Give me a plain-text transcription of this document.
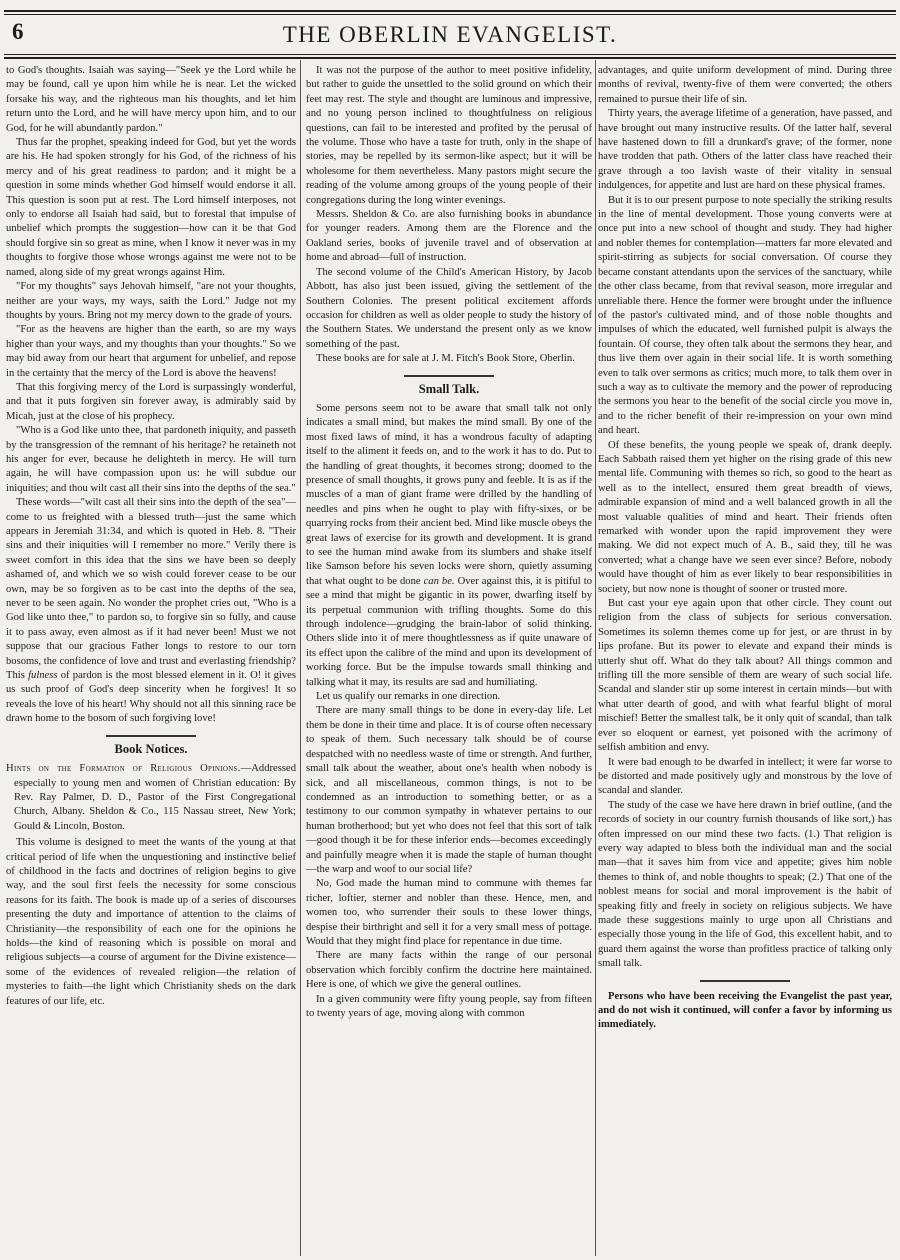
6	THE OBERLIN EVANGELIST.

to God's thoughts. Isaiah was saying—"Seek ye the Lord while he may be found, call ye upon him while he is near. Let the wicked forsake his way, and the righteous man his thoughts, and let him return unto the Lord, and he will have mercy upon him, and to our God, for he will abundantly pardon."

Thus far the prophet, speaking indeed for God, but yet the words are his. He had spoken strongly for his God, of the richness of his mercy and of his great readiness to pardon; and it might be a question in some minds whether God himself would endorse it all. This question is soon put at rest. The Lord himself interposes, not only to endorse all Isaiah had said, but to forestal that impulse of unbelief which prompts the suggestion—how can it be that God should forgive sin so great as mine, when I know it never was in my thoughts to forgive those whose wrongs against me were not to be named, along side of my great wrongs against Him.

"For my thoughts" says Jehovah himself, "are not your thoughts, neither are your ways, my ways, saith the Lord." Judge not my thoughts by yours. Bring not my mercy down to the grade of yours.

"For as the heavens are higher than the earth, so are my ways higher than your ways, and my thoughts than your thoughts." So we may bid away from our heart that argument for unbelief, and repose in the certainty that the mercy of the Lord is above the heavens!

That this forgiving mercy of the Lord is surpassingly wonderful, and that it puts forgiven sin forever away, is admirably said by Micah, just at the close of his prophecy.

"Who is a God like unto thee, that pardoneth iniquity, and passeth by the transgression of the remnant of his heritage? he retaineth not his anger for ever, because he delighteth in mercy. He will turn again, he will have compassion upon us: he will subdue our iniquities; and thou wilt cast all their sins into the depths of the sea."

These words—"wilt cast all their sins into the depth of the sea"—come to us freighted with a blessed truth—just the same which appears in Jeremiah 31:34, and which is quoted in Heb. 8. "Their sins and their iniquities will I remember no more." Verily there is sweet comfort in this idea that the sins we have been so deeply ashamed of, and which we so wish could forever cease to be our own, may be so forgiven as to be cast into the depths of the sea, never to be seen again. No wonder the prophet cries out, "Who is a God like unto thee," to pardon so, to forgive sin so fully, and cause it to pass away, even almost as if it had never been! Must we not suppose that our gracious Father longs to restore to our torn bosoms, the confidence of love and trust and everlasting friendship? This fulness of pardon is the most blessed element in it. O! it gives us such proof of God's deep sincerity when he forgives! It so reveals the love of his heart! Why should not all this sinning race be drawn home to the bosom of such forgiving love!

Book Notices.

Hints on the Formation of Religious Opinions.—Addressed especially to young men and women of Christian education: By Rev. Ray Palmer, D. D., Pastor of the First Congregational Church, Albany. Sheldon & Co., 115 Nassau street, New York; Gould & Lincoln, Boston.

This volume is designed to meet the wants of the young at that critical period of life when the unquestioning and instinctive belief of childhood in the facts and doctrines of religion begins to give way, and the soul first feels the necessity for some conscious reasons for its faith. The book is made up of a series of discourses presenting the duty and importance of attention to the claims of Christianity—the responsibility of each one for the opinions he holds—the kind of reasoning which is possible on moral and religious subjects—a course of argument for the Divine existence—some of the evidences of revealed religion—the relation of mysteries to faith—the light which Christianity sheds on the dark features of our life, etc.

It was not the purpose of the author to meet positive infidelity, but rather to guide the unsettled to the solid ground on which their feet may rest. The style and thought are luminous and impressive, and no young person inclined to thoughtfulness on religious questions, can fail to be interested and profited by the perusal of the volume. Those who have a taste for truth, only in the shape of stories, may be repelled by its sermon-like aspect; but it will be wholesome for them nevertheless. Many pastors might secure the reading of the volume among groups of the young people of their congregations during the long winter evenings.

Messrs. Sheldon & Co. are also furnishing books in abundance for younger readers. Among them are the Florence and the Oakland series, books of juvenile travel and of observation at home and abroad—full of instruction.

The second volume of the Child's American History, by Jacob Abbott, has also just been issued, giving the settlement of the Southern Colonies. The present political excitement affords occasion for children as well as older people to study the history of the Southern States. We understand the present only as we know something of the past.

These books are for sale at J. M. Fitch's Book Store, Oberlin.

Small Talk.

Some persons seem not to be aware that small talk not only indicates a small mind, but makes the mind small. By one of the most fixed laws of mind, it has a wondrous faculty of adapting itself to the aliment it feeds on, and to the work it has to do. Put to the handling of great thoughts, it becomes strong; doomed to the presence of small thoughts, it grows puny and feeble. It is as if the muscles of a man of giant frame were drilled by the handling of needles and pins when he ought to play with fifty-sixes, or be quarrying rocks from their ancient bed. Mind like muscle obeys the great laws of exercise for its growth and development. It is grand to see the human mind awake from its slumbers and shake itself like Samson before his seven locks were shorn, quietly assuming that what ought to be done can be. Over against this, it is pitiful to see a mind that might be gigantic in its power, dwarfing itself by its perpetual communion with trifling thoughts. Some do this through indolence—grudging the brain-labor of solid thinking. Others slide into it of mere thoughtlessness as if quite unaware of its effect upon the calibre of the mind and upon its development of working force. But be the impulse towards small thinking and talking what it may, its results are sad and humiliating.

Let us qualify our remarks in one direction.

There are many small things to be done in every-day life. Let them be done in their time and place. It is of course often necessary to speak of them. Such necessary talk should be of course despatched with no needless waste of time or strength. And further, small talk about the weather, about one's health when nobody is sick, and all miscellaneous, common things, is not to be condemned as an introduction to something better, or as a testimony to our common sympathy in whatever pertains to our human brotherhood; but yet who does not feel that this sort of talk—good though it be for these inferior ends—becomes exceedingly and painfully meagre when it is made the staple of human thought—the warp and woof to our social life?

No, God made the human mind to commune with themes far richer, loftier, sterner and nobler than these. Hence, men, and women too, who surrender their souls to these lower things, despise their birthright and sell it for a very small mess of pottage. Would that they might find place for repentance in due time.

There are many facts within the range of our personal observation which forcibly confirm the doctrine here maintained. Here is one, of which we give the general outlines.

In a given community were fifty young people, say from fifteen to twenty years of age, moving along with common

advantages, and quite uniform development of mind. During three months of revival, twenty-five of them were converted; the others remained to pursue their life of sin.

Thirty years, the average lifetime of a generation, have passed, and have brought out many instructive results. Of the latter half, several have hastened down to fill a drunkard's grave; of the former, none have trodden that path. Others of the latter class have reached their grave through a too lavish waste of their vitality in sensual indulgences, for appetite and lust are hard on these physical frames.

But it is to our present purpose to note specially the striking results in the line of mental development. Those young converts were at once put into a new school of thought and study. They had higher and nobler themes for contemplation—matters far more elevated and spirit-stirring as subjects for social conversation. Of course they became constant attendants upon the services of the sanctuary, while the other class became, from that revival season, more irregular and unreliable there. Hence the former were brought under the influence of the pastor's cultivated mind, and of those noble thoughts and impulses of which the educated, well furnished pulpit is always the fountain. Of course, they often talk about the sermons they hear, and thus live them over again in their social life. It is worth something even to talk over sermons as critics; much more, to talk them over in such a way as to cultivate the memory and the power of reproducing the sermons you hear to the benefit of the social circle you move in, and to the richer benefit of their re-impression on your own mind and heart.

Of these benefits, the young people we speak of, drank deeply. Each Sabbath raised them yet higher on the rising grade of this new mental life. Communing with themes so rich, so good to the heart as well as to the intellect, ensured them great breadth of views, admirable expansion of mind and a well balanced growth in all the most valuable qualities of mind and heart. Their friends often remarked with wonder upon the rapid improvement they were making. We did not expect much of A. B., said they, till he was converted; what a change have we seen ever since? Before, nobody would have thought of him as ever likely to bear responsibilities in society, but now none is thought of sooner or trusted more.

But cast your eye again upon that other circle. They count out religion from the class of subjects for serious conversation. Sometimes its solemn themes come up for jest, or are thrust in by lips profane. But its power to elevate and expand their minds is utterly shut off. What do they talk about? All things common and trifling till the more sensible of them are weary of such social life. Scandal and slander stir up some interest in certain minds—but with what utter dearth of good, and with what fearful blight of moral mischief! Better the smallest talk, be it only quit of scandal, than talk ever so eloquent or earnest, yet poisoned with the acrimony of selfish ambition and envy.

It were bad enough to be dwarfed in intellect; it were far worse to be distorted and made positively ugly and monstrous by the love of scandal and slander.

The study of the case we have here drawn in brief outline, (and the records of society in our country furnish thousands of like sort,) has often impressed on our mind these two facts. (1.) That religion is every way adapted to bless both the individual man and the social man—that it saves him from vice and appetite; gives him noble themes to think of, and noble thoughts to speak; (2.) That one of the noblest means for social and moral improvement is the habit of speaking fitly and freely in society on religious subjects. We have made these suggestions mainly to urge upon all Christians and especially those young in the life of God, this excellent habit, and to guard them against the worse than profitless practice of talking only small talk.

Persons who have been receiving the Evangelist the past year, and do not wish it continued, will confer a favor by informing us immediately.
